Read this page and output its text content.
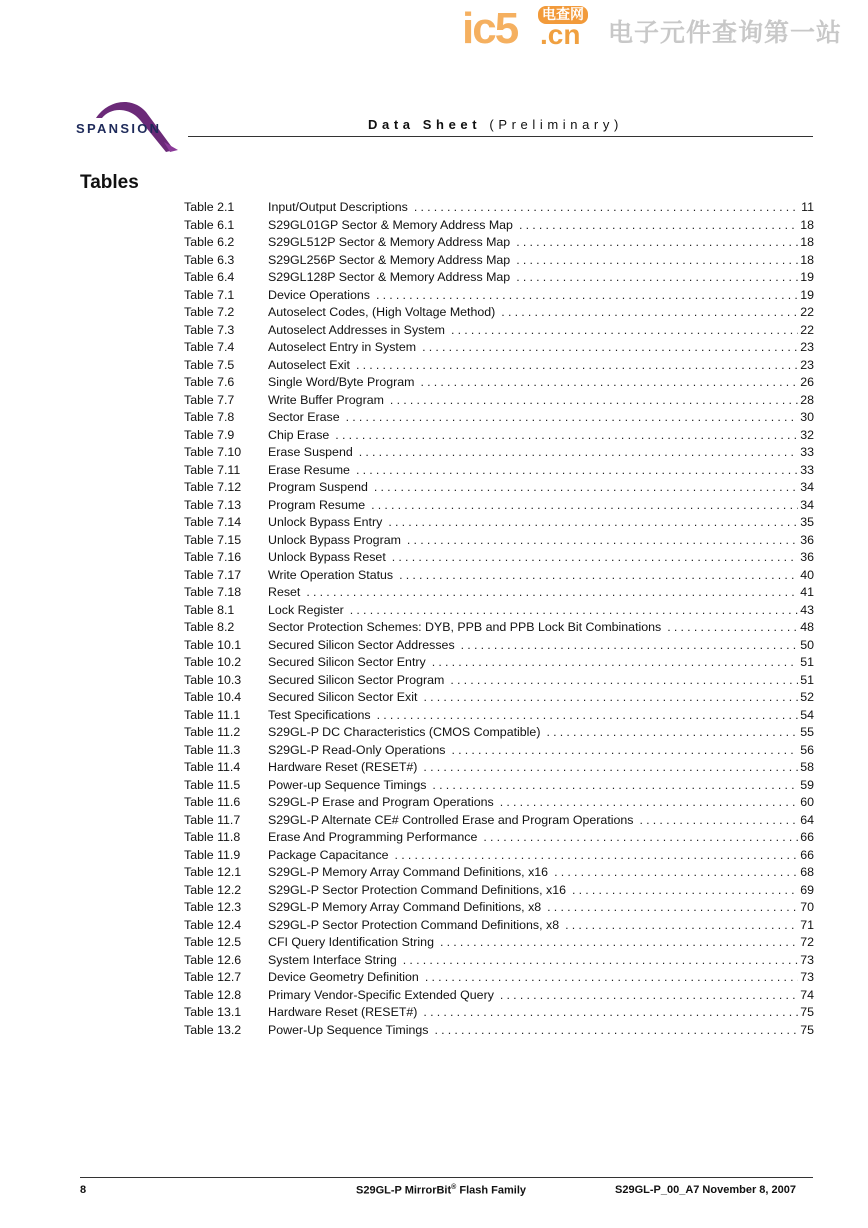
ic5 电查网
.cn 电子元件查询第一站
SPANSION	Data Sheet (Preliminary)
Tables
Table 2.1	Input/Output Descriptions .....	11
Table 6.1	S29GL01GP Sector & Memory Address Map .....	18
Table 6.2	S29GL512P Sector & Memory Address Map .....	18
Table 6.3	S29GL256P Sector & Memory Address Map .....	18
Table 6.4	S29GL128P Sector & Memory Address Map .....	19
Table 7.1	Device Operations .....	19
Table 7.2	Autoselect Codes, (High Voltage Method) .....	22
Table 7.3	Autoselect Addresses in System .....	22
Table 7.4	Autoselect Entry in System .....	23
Table 7.5	Autoselect Exit .....	23
Table 7.6	Single Word/Byte Program .....	26
Table 7.7	Write Buffer Program .....	28
Table 7.8	Sector Erase .....	30
Table 7.9	Chip Erase .....	32
Table 7.10	Erase Suspend .....	33
Table 7.11	Erase Resume .....	33
Table 7.12	Program Suspend .....	34
Table 7.13	Program Resume .....	34
Table 7.14	Unlock Bypass Entry .....	35
Table 7.15	Unlock Bypass Program .....	36
Table 7.16	Unlock Bypass Reset .....	36
Table 7.17	Write Operation Status .....	40
Table 7.18	Reset .....	41
Table 8.1	Lock Register .....	43
Table 8.2	Sector Protection Schemes: DYB, PPB and PPB Lock Bit Combinations .....	48
Table 10.1	Secured Silicon Sector Addresses .....	50
Table 10.2	Secured Silicon Sector Entry .....	51
Table 10.3	Secured Silicon Sector Program .....	51
Table 10.4	Secured Silicon Sector Exit .....	52
Table 11.1	Test Specifications .....	54
Table 11.2	S29GL-P DC Characteristics (CMOS Compatible) .....	55
Table 11.3	S29GL-P Read-Only Operations .....	56
Table 11.4	Hardware Reset (RESET#) .....	58
Table 11.5	Power-up Sequence Timings .....	59
Table 11.6	S29GL-P Erase and Program Operations .....	60
Table 11.7	S29GL-P Alternate CE# Controlled Erase and Program Operations .....	64
Table 11.8	Erase And Programming Performance .....	66
Table 11.9	Package Capacitance .....	66
Table 12.1	S29GL-P Memory Array Command Definitions, x16 .....	68
Table 12.2	S29GL-P Sector Protection Command Definitions, x16 .....	69
Table 12.3	S29GL-P Memory Array Command Definitions, x8 .....	70
Table 12.4	S29GL-P Sector Protection Command Definitions, x8 .....	71
Table 12.5	CFI Query Identification String .....	72
Table 12.6	System Interface String .....	73
Table 12.7	Device Geometry Definition .....	73
Table 12.8	Primary Vendor-Specific Extended Query .....	74
Table 13.1	Hardware Reset (RESET#) .....	75
Table 13.2	Power-Up Sequence Timings .....	75
8	S29GL-P MirrorBit® Flash Family	S29GL-P_00_A7 November 8, 2007
